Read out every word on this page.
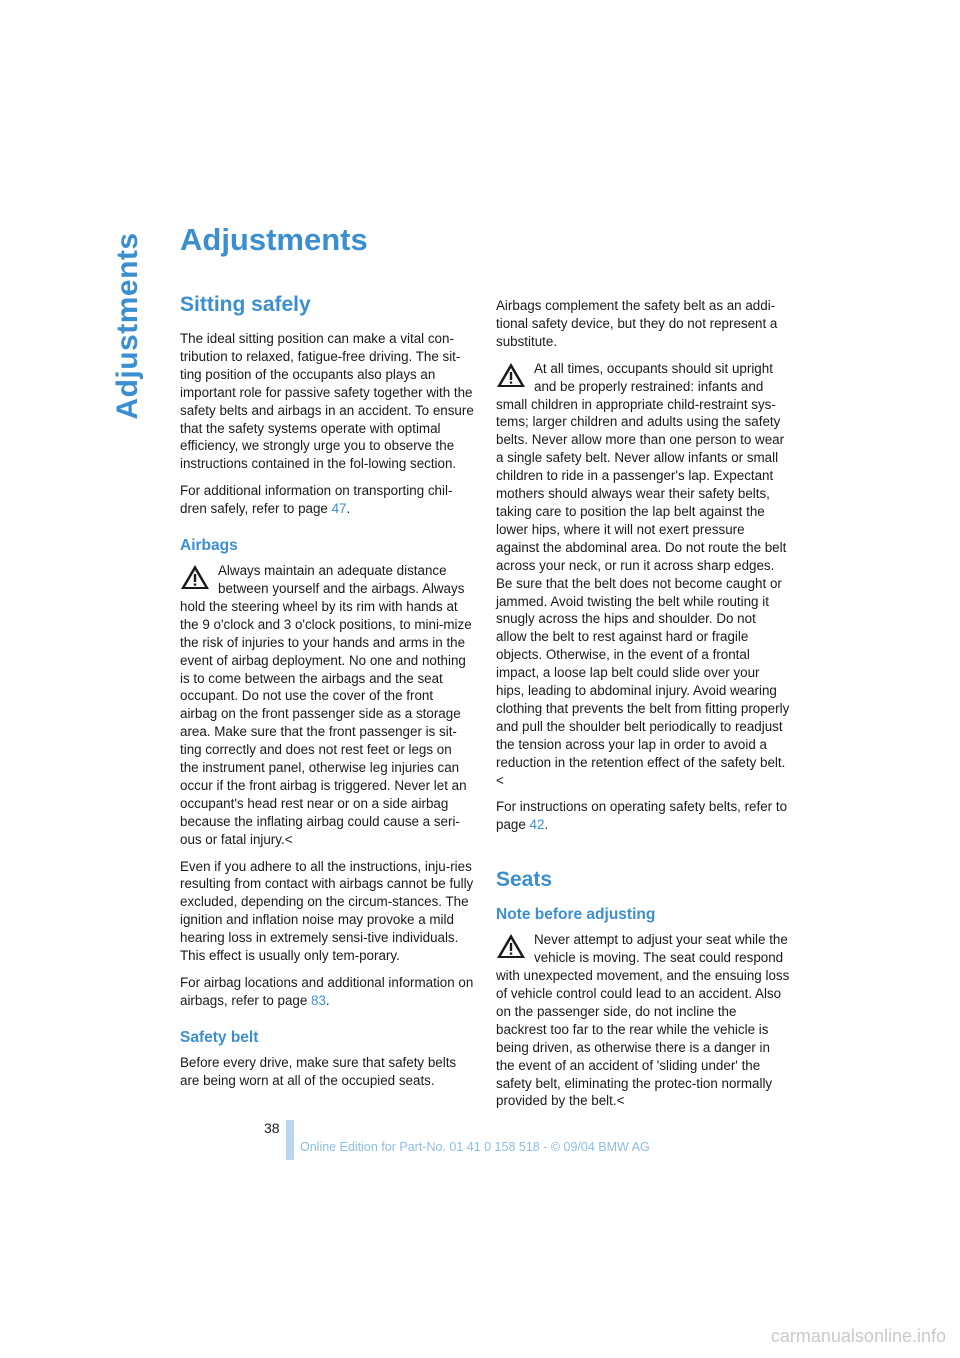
Adjustments Adjustments
Sitting safely

The ideal sitting position can make a vital con-tribution to relaxed, fatigue-free driving. The sit-ting position of the occupants also plays an important role for passive safety together with the safety belts and airbags in an accident. To ensure that the safety systems operate with optimal efficiency, we strongly urge you to observe the instructions contained in the fol-lowing section.

For additional information on transporting chil-dren safely, refer to page 47.

Airbags

Always maintain an adequate distance between yourself and the airbags. Always hold the steering wheel by its rim with hands at the 9 o'clock and 3 o'clock positions, to mini-mize the risk of injuries to your hands and arms in the event of airbag deployment. No one and nothing is to come between the airbags and the seat occupant. Do not use the cover of the front airbag on the front passenger side as a storage area. Make sure that the front passenger is sit-ting correctly and does not rest feet or legs on the instrument panel, otherwise leg injuries can occur if the front airbag is triggered. Never let an occupant's head rest near or on a side airbag because the inflating airbag could cause a seri-ous or fatal injury.<

Even if you adhere to all the instructions, inju-ries resulting from contact with airbags cannot be fully excluded, depending on the circum-stances. The ignition and inflation noise may provoke a mild hearing loss in extremely sensi-tive individuals. This effect is usually only tem-porary.

For airbag locations and additional information on airbags, refer to page 83.

Safety belt

Before every drive, make sure that safety belts are being worn at all of the occupied seats.

Airbags complement the safety belt as an addi-tional safety device, but they do not represent a substitute.

At all times, occupants should sit upright and be properly restrained: infants and small children in appropriate child-restraint sys-tems; larger children and adults using the safety belts. Never allow more than one person to wear a single safety belt. Never allow infants or small children to ride in a passenger's lap. Expectant mothers should always wear their safety belts, taking care to position the lap belt against the lower hips, where it will not exert pressure against the abdominal area. Do not route the belt across your neck, or run it across sharp edges. Be sure that the belt does not become caught or jammed. Avoid twisting the belt while routing it snugly across the hips and shoulder. Do not allow the belt to rest against hard or fragile objects. Otherwise, in the event of a frontal impact, a loose lap belt could slide over your hips, leading to abdominal injury. Avoid wearing clothing that prevents the belt from fitting properly and pull the shoulder belt periodically to readjust the tension across your lap in order to avoid a reduction in the retention effect of the safety belt.<

For instructions on operating safety belts, refer to page 42.

Seats
Note before adjusting

Never attempt to adjust your seat while the vehicle is moving. The seat could respond with unexpected movement, and the ensuing loss of vehicle control could lead to an accident. Also on the passenger side, do not incline the backrest too far to the rear while the vehicle is being driven, as otherwise there is a danger in the event of an accident of 'sliding under' the safety belt, eliminating the protec-tion normally provided by the belt.<

38
Online Edition for Part-No. 01 41 0 158 518 - © 09/04 BMW AG
carmanualsonline.info
